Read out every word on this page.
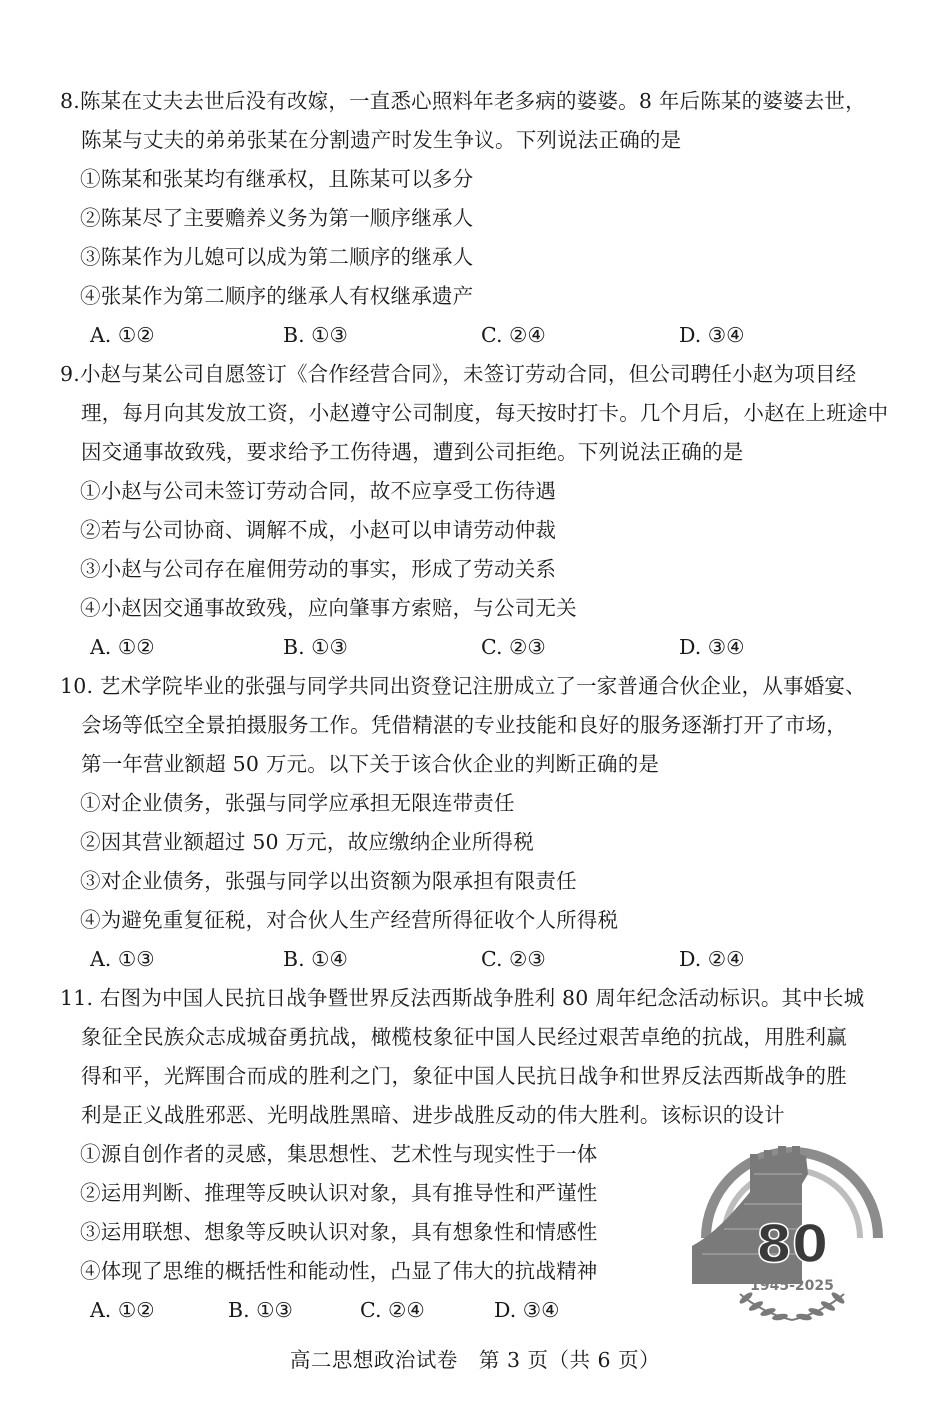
8.陈某在丈夫去世后没有改嫁，一直悉心照料年老多病的婆婆。8 年后陈某的婆婆去世，
陈某与丈夫的弟弟张某在分割遗产时发生争议。下列说法正确的是
①陈某和张某均有继承权，且陈某可以多分
②陈某尽了主要赡养义务为第一顺序继承人
③陈某作为儿媳可以成为第二顺序的继承人
④张某作为第二顺序的继承人有权继承遗产
A. ①②	B. ①③	C. ②④	D. ③④
9.小赵与某公司自愿签订《合作经营合同》，未签订劳动合同，但公司聘任小赵为项目经
理，每月向其发放工资，小赵遵守公司制度，每天按时打卡。几个月后，小赵在上班途中
因交通事故致残，要求给予工伤待遇，遭到公司拒绝。下列说法正确的是
①小赵与公司未签订劳动合同，故不应享受工伤待遇
②若与公司协商、调解不成，小赵可以申请劳动仲裁
③小赵与公司存在雇佣劳动的事实，形成了劳动关系
④小赵因交通事故致残，应向肇事方索赔，与公司无关
A. ①②	B. ①③	C. ②③	D. ③④
10. 艺术学院毕业的张强与同学共同出资登记注册成立了一家普通合伙企业，从事婚宴、
会场等低空全景拍摄服务工作。凭借精湛的专业技能和良好的服务逐渐打开了市场，
第一年营业额超 50 万元。以下关于该合伙企业的判断正确的是
①对企业债务，张强与同学应承担无限连带责任
②因其营业额超过 50 万元，故应缴纳企业所得税
③对企业债务，张强与同学以出资额为限承担有限责任
④为避免重复征税，对合伙人生产经营所得征收个人所得税
A. ①③	B. ①④	C. ②③	D. ②④
11. 右图为中国人民抗日战争暨世界反法西斯战争胜利 80 周年纪念活动标识。其中长城
象征全民族众志成城奋勇抗战，橄榄枝象征中国人民经过艰苦卓绝的抗战，用胜利赢
得和平，光辉围合而成的胜利之门，象征中国人民抗日战争和世界反法西斯战争的胜
利是正义战胜邪恶、光明战胜黑暗、进步战胜反动的伟大胜利。该标识的设计
①源自创作者的灵感，集思想性、艺术性与现实性于一体
②运用判断、推理等反映认识对象，具有推导性和严谨性
③运用联想、想象等反映认识对象，具有想象性和情感性
④体现了思维的概括性和能动性，凸显了伟大的抗战精神
A. ①②	B. ①③	C. ②④	D. ③④
80
1945-2025
高二思想政治试卷　第 3 页（共 6 页）
